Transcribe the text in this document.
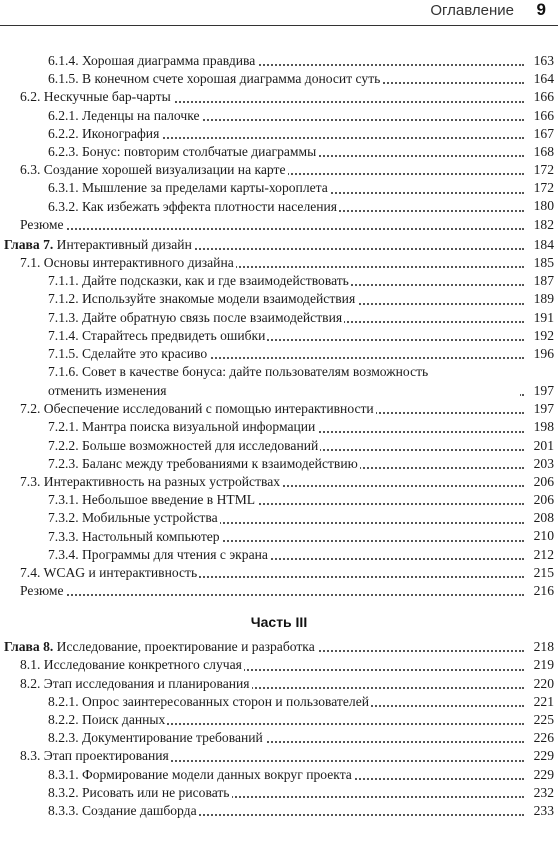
Оглавление 9
6.1.4. Хорошая диаграмма правдива	163
6.1.5. В конечном счете хорошая диаграмма доносит суть	164
6.2. Нескучные бар-чарты	166
6.2.1. Леденцы на палочке	166
6.2.2. Иконография	167
6.2.3. Бонус: повторим столбчатые диаграммы	168
6.3. Создание хорошей визуализации на карте	172
6.3.1. Мышление за пределами карты-хороплета	172
6.3.2. Как избежать эффекта плотности населения	180
Резюме	182
Глава 7. Интерактивный дизайн	184
7.1. Основы интерактивного дизайна	185
7.1.1. Дайте подсказки, как и где взаимодействовать	187
7.1.2. Используйте знакомые модели взаимодействия	189
7.1.3. Дайте обратную связь после взаимодействия	191
7.1.4. Старайтесь предвидеть ошибки	192
7.1.5. Сделайте это красиво	196
7.1.6. Совет в качестве бонуса: дайте пользователям возможность
отменить изменения	197
7.2. Обеспечение исследований с помощью интерактивности	197
7.2.1. Мантра поиска визуальной информации	198
7.2.2. Больше возможностей для исследований	201
7.2.3. Баланс между требованиями к взаимодействию	203
7.3. Интерактивность на разных устройствах	206
7.3.1. Небольшое введение в HTML	206
7.3.2. Мобильные устройства	208
7.3.3. Настольный компьютер	210
7.3.4. Программы для чтения с экрана	212
7.4. WCAG и интерактивность	215
Резюме	216
Часть III
Глава 8. Исследование, проектирование и разработка	218
8.1. Исследование конкретного случая	219
8.2. Этап исследования и планирования	220
8.2.1. Опрос заинтересованных сторон и пользователей	221
8.2.2. Поиск данных	225
8.2.3. Документирование требований	226
8.3. Этап проектирования	229
8.3.1. Формирование модели данных вокруг проекта	229
8.3.2. Рисовать или не рисовать	232
8.3.3. Создание дашборда	233
